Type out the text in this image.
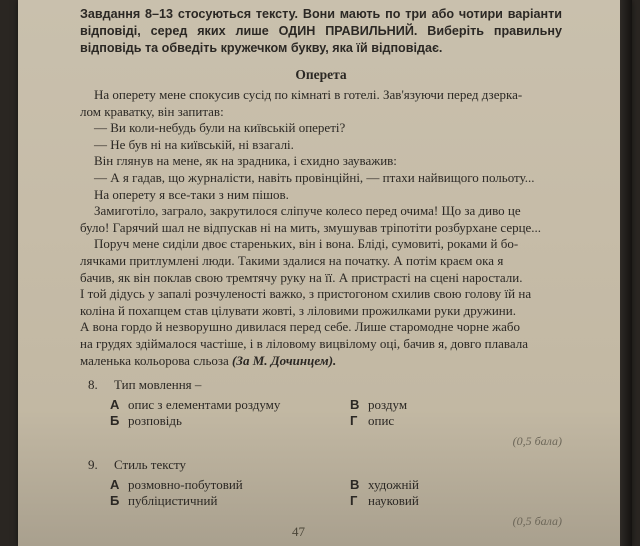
Завдання 8–13 стосуються тексту. Вони мають по три або чотири варіанти відповіді, серед яких лише ОДИН ПРАВИЛЬНИЙ. Виберіть правильну відповідь та обведіть кружечком букву, яка їй відповідає.

Оперета

На оперету мене спокусив сусід по кімнаті в готелі. Зав'язуючи перед дзерка-

лом краватку, він запитав:

— Ви коли-небудь були на київській опереті?

— Не був ні на київській, ні взагалі.

Він глянув на мене, як на зрадника, і єхидно зауважив:

— А я гадав, що журналісти, навіть провінційні, — птахи найвищого польоту...

На оперету я все-таки з ним пішов.

Замиготіло, заграло, закрутилося сліпуче колесо перед очима! Що за диво це

було! Гарячий шал не відпускав ні на мить, змушував тріпотіти розбурхане серце...

Поруч мене сиділи двоє стареньких, він і вона. Бліді, сумовиті, роками й бо-

лячками притлумлені люди. Такими здалися на початку. А потім краєм ока я

бачив, як він поклав свою тремтячу руку на її. А пристрасті на сцені наростали.

І той дідусь у запалі розчуленості важко, з пристогоном схилив свою голову їй на

коліна й похапцем став цілувати жовті, з ліловими прожилками руки дружини.

А вона гордо й незворушно дивилася перед себе. Лише старомодне чорне жабо

на грудях здіймалося частіше, і в ліловому вицвілому оці, бачив я, довго плавала

маленька кольорова сльоза (За М. Дочинцем).

8. Тип мовлення –

А опис з елементами роздуму	В роздум
Б розповідь	Г опис

(0,5 бала)

9. Стиль тексту

А розмовно-побутовий	В художній
Б публіцистичний	Г науковий

(0,5 бала)

47
